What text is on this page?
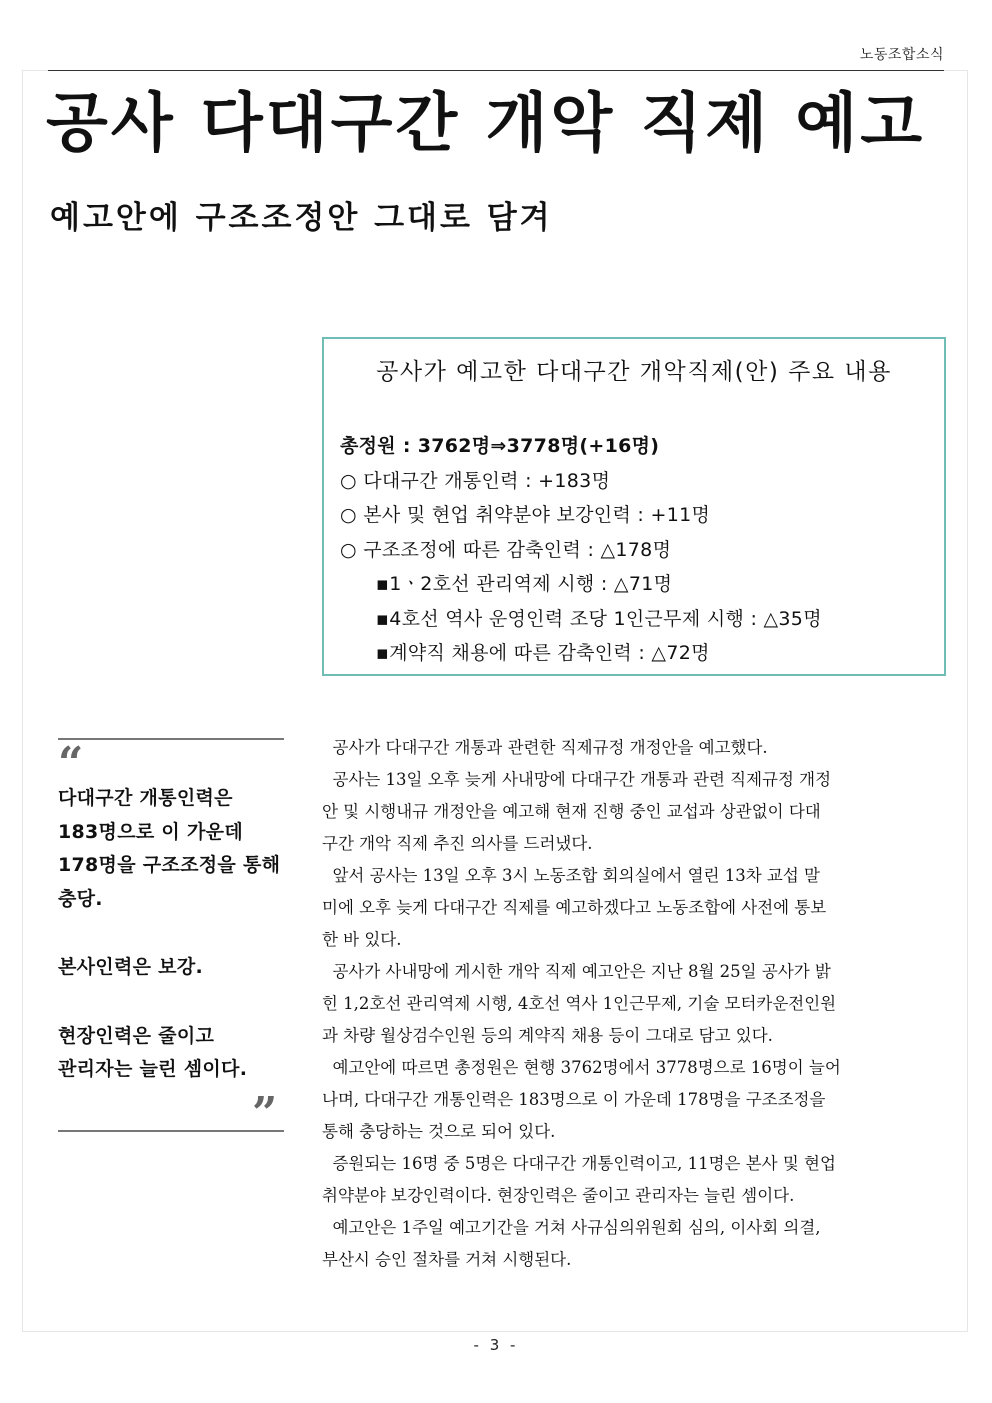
노동조합소식
공사 다대구간 개악 직제 예고
예고안에 구조조정안 그대로 담겨
공사가 예고한 다대구간 개악직제(안) 주요 내용
총정원 : 3762명⇒3778명(+16명)
○ 다대구간 개통인력 : +183명
○ 본사 및 현업 취약분야 보강인력 : +11명
○ 구조조정에 따른 감축인력 : △178명
▪1ㆍ2호선 관리역제 시행 : △71명
▪4호선 역사 운영인력 조당 1인근무제 시행 : △35명
▪계약직 채용에 따른 감축인력 : △72명
“
다대구간 개통인력은
183명으로 이 가운데
178명을 구조조정을 통해
충당.
본사인력은 보강.
현장인력은 줄이고
관리자는 늘린 셈이다.
”
공사가 다대구간 개통과 관련한 직제규정 개정안을 예고했다.
공사는 13일 오후 늦게 사내망에 다대구간 개통과 관련 직제규정 개정
안 및 시행내규 개정안을 예고해 현재 진행 중인 교섭과 상관없이 다대
구간 개악 직제 추진 의사를 드러냈다.
앞서 공사는 13일 오후 3시 노동조합 회의실에서 열린 13차 교섭 말
미에 오후 늦게 다대구간 직제를 예고하겠다고 노동조합에 사전에 통보
한 바 있다.
공사가 사내망에 게시한 개악 직제 예고안은 지난 8월 25일 공사가 밝
힌 1,2호선 관리역제 시행, 4호선 역사 1인근무제, 기술 모터카운전인원
과 차량 월상검수인원 등의 계약직 채용 등이 그대로 담고 있다.
예고안에 따르면 총정원은 현행 3762명에서 3778명으로 16명이 늘어
나며, 다대구간 개통인력은 183명으로 이 가운데 178명을 구조조정을
통해 충당하는 것으로 되어 있다.
증원되는 16명 중 5명은 다대구간 개통인력이고, 11명은 본사 및 현업
취약분야 보강인력이다. 현장인력은 줄이고 관리자는 늘린 셈이다.
예고안은 1주일 예고기간을 거쳐 사규심의위원회 심의, 이사회 의결,
부산시 승인 절차를 거쳐 시행된다.
- 3 -
